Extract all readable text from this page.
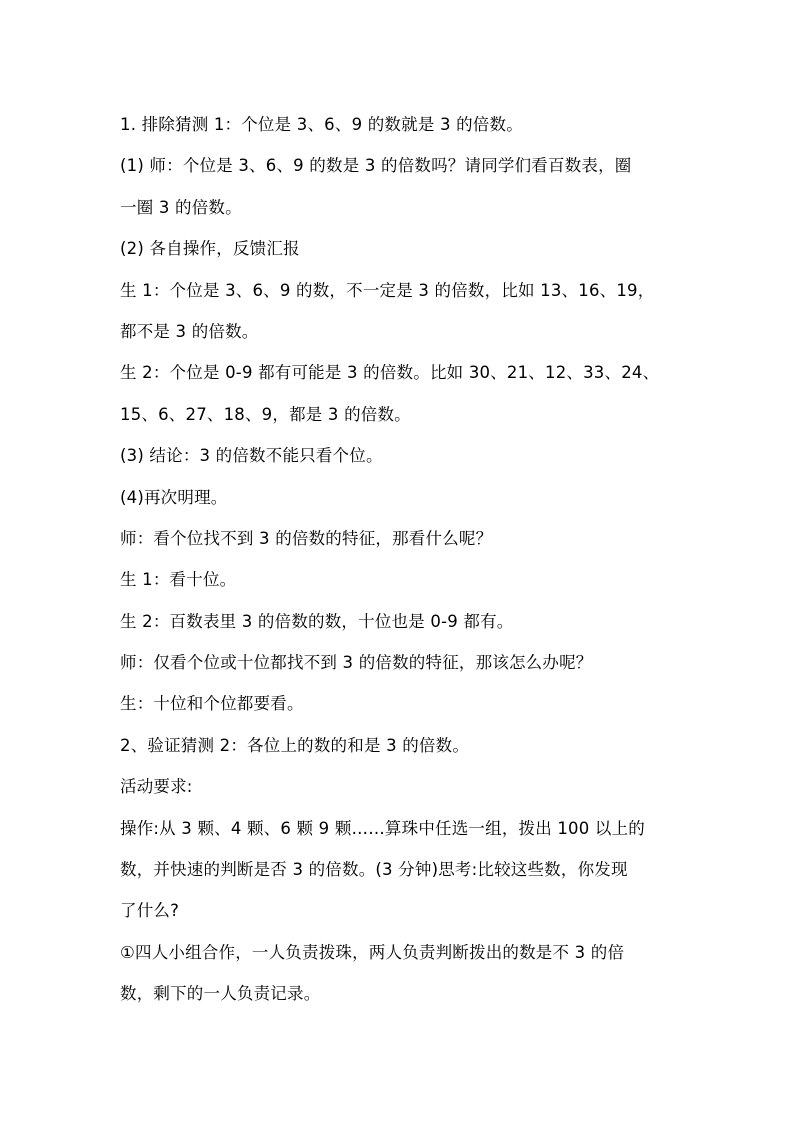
1. 排除猜测 1：个位是 3、6、9 的数就是 3 的倍数。
(1) 师：个位是 3、6、9 的数是 3 的倍数吗？请同学们看百数表，圈
一圈 3 的倍数。
(2) 各自操作，反馈汇报
生 1：个位是 3、6、9 的数，不一定是 3 的倍数，比如 13、16、19，
都不是 3 的倍数。
生 2：个位是 0-9 都有可能是 3 的倍数。比如 30、21、12、33、24、
15、6、27、18、9，都是 3 的倍数。
(3) 结论：3 的倍数不能只看个位。
(4)再次明理。
师：看个位找不到 3 的倍数的特征，那看什么呢？
生 1：看十位。
生 2：百数表里 3 的倍数的数，十位也是 0-9 都有。
师：仅看个位或十位都找不到 3 的倍数的特征，那该怎么办呢？
生：十位和个位都要看。
2、验证猜测 2：各位上的数的和是 3 的倍数。
活动要求:
操作:从 3 颗、4 颗、6 颗 9 颗……算珠中任选一组，拨出 100 以上的
数，并快速的判断是否 3 的倍数。(3 分钟)思考:比较这些数，你发现
了什么?
①四人小组合作，一人负责拨珠，两人负责判断拨出的数是不 3 的倍
数，剩下的一人负责记录。
